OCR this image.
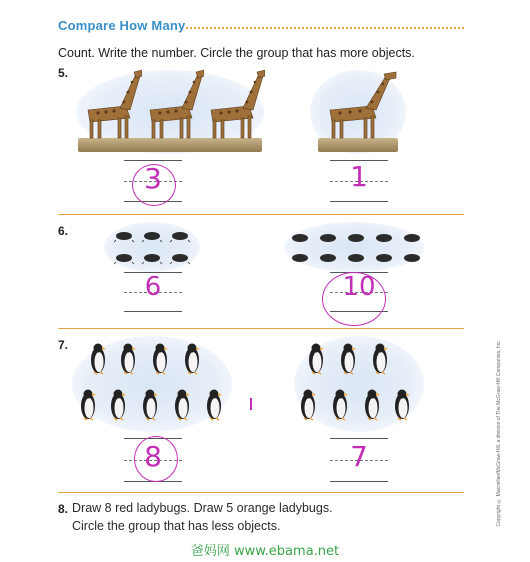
Compare How Many
Count. Write the number. Circle the group that has more objects.
5.
3	1
6.
6	10
7.
8	7
8. Draw 8 red ladybugs. Draw 5 orange ladybugs.
Circle the group that has less objects.	Copyright © Macmillan/McGraw-Hill, a division of The McGraw-Hill Companies, Inc.
爸妈网 www.ebama.net
